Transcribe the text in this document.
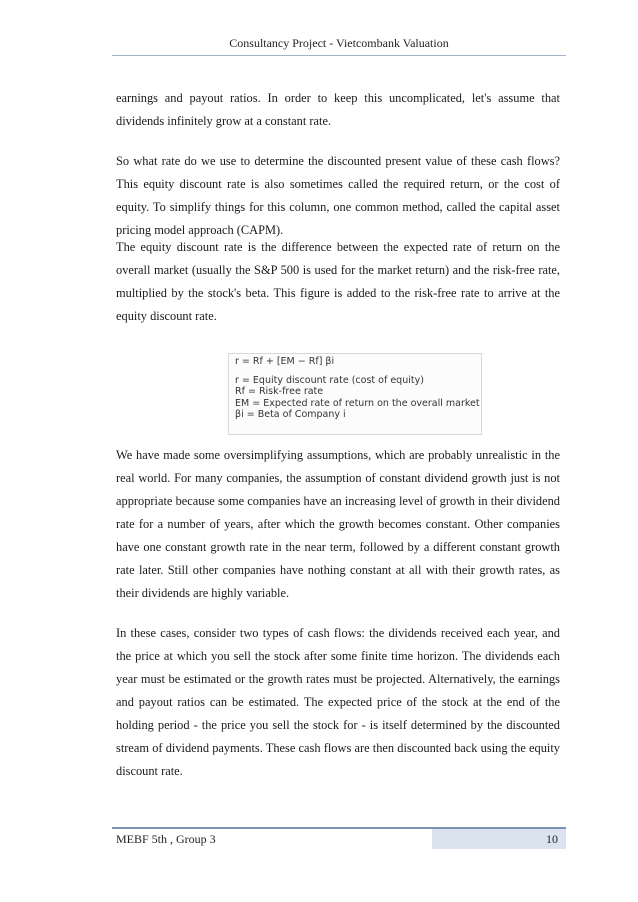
Consultancy Project - Vietcombank Valuation

earnings and payout ratios. In order to keep this uncomplicated, let's assume that dividends infinitely grow at a constant rate.

So what rate do we use to determine the discounted present value of these cash flows? This equity discount rate is also sometimes called the required return, or the cost of equity. To simplify things for this column, one common method, called the capital asset pricing model approach (CAPM).

The equity discount rate is the difference between the expected rate of return on the overall market (usually the S&P 500 is used for the market return) and the risk-free rate, multiplied by the stock's beta. This figure is added to the risk-free rate to arrive at the equity discount rate.

r = Rf + [EM − Rf] βi
r = Equity discount rate (cost of equity)
Rf = Risk-free rate
EM = Expected rate of return on the overall market
βi = Beta of Company i

We have made some oversimplifying assumptions, which are probably unrealistic in the real world. For many companies, the assumption of constant dividend growth just is not appropriate because some companies have an increasing level of growth in their dividend rate for a number of years, after which the growth becomes constant. Other companies have one constant growth rate in the near term, followed by a different constant growth rate later. Still other companies have nothing constant at all with their growth rates, as their dividends are highly variable.

In these cases, consider two types of cash flows: the dividends received each year, and the price at which you sell the stock after some finite time horizon. The dividends each year must be estimated or the growth rates must be projected. Alternatively, the earnings and payout ratios can be estimated. The expected price of the stock at the end of the holding period - the price you sell the stock for - is itself determined by the discounted stream of dividend payments. These cash flows are then discounted back using the equity discount rate.

MEBF 5th , Group 3	10
